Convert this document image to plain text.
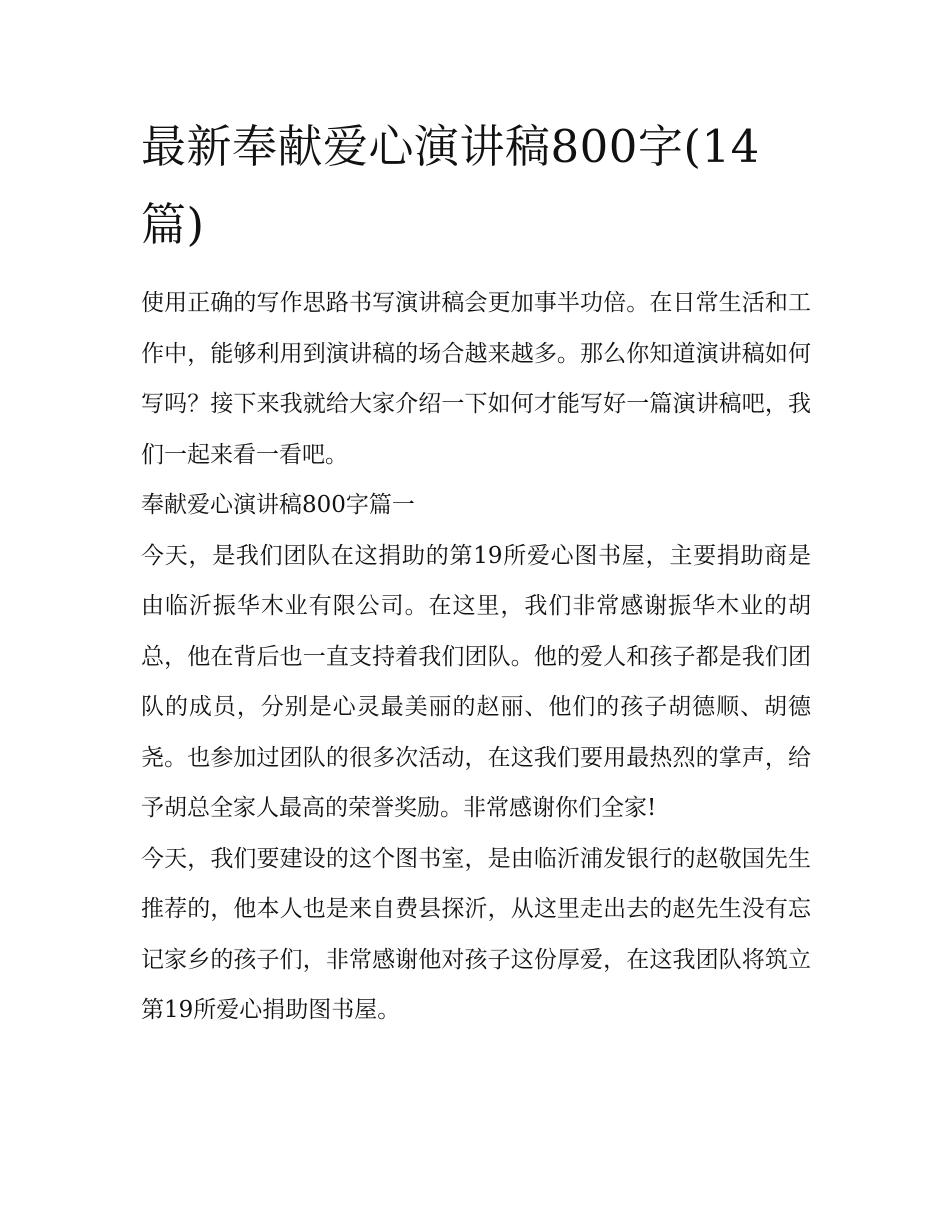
最新奉献爱心演讲稿800字(14篇)

使用正确的写作思路书写演讲稿会更加事半功倍。在日常生活和工作中，能够利用到演讲稿的场合越来越多。那么你知道演讲稿如何写吗？接下来我就给大家介绍一下如何才能写好一篇演讲稿吧，我们一起来看一看吧。

奉献爱心演讲稿800字篇一

今天，是我们团队在这捐助的第19所爱心图书屋，主要捐助商是由临沂振华木业有限公司。在这里，我们非常感谢振华木业的胡总，他在背后也一直支持着我们团队。他的爱人和孩子都是我们团队的成员，分别是心灵最美丽的赵丽、他们的孩子胡德顺、胡德尧。也参加过团队的很多次活动，在这我们要用最热烈的掌声，给予胡总全家人最高的荣誉奖励。非常感谢你们全家!

今天，我们要建设的这个图书室，是由临沂浦发银行的赵敬国先生推荐的，他本人也是来自费县探沂，从这里走出去的赵先生没有忘记家乡的孩子们，非常感谢他对孩子这份厚爱，在这我团队将筑立第19所爱心捐助图书屋。
